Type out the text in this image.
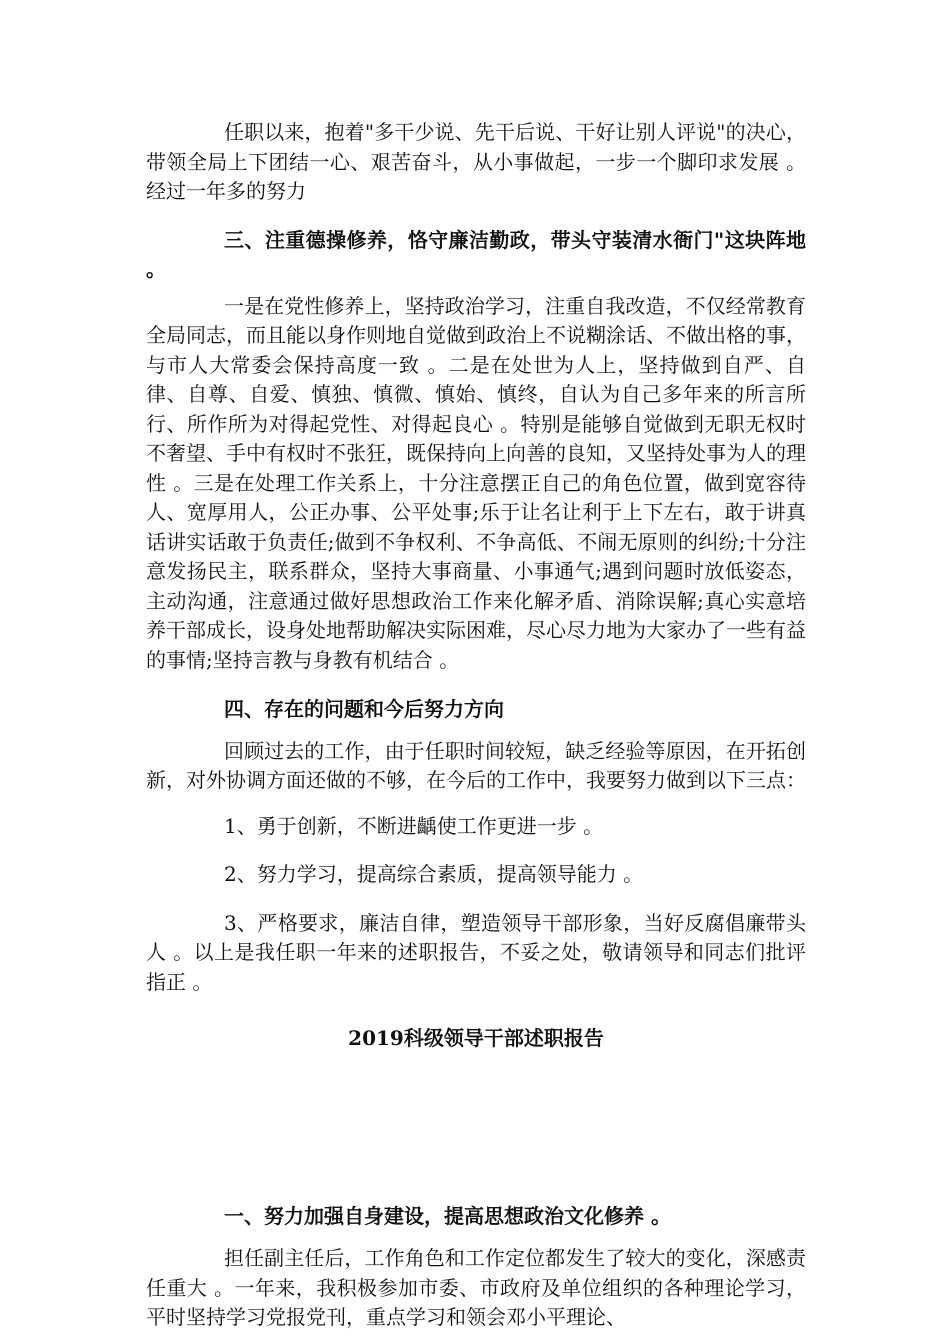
任职以来，抱着"多干少说、先干后说、干好让别人评说"的决心，带领全局上下团结一心、艰苦奋斗，从小事做起，一步一个脚印求发展 。经过一年多的努力

三、注重德操修养，恪守廉洁勤政，带头守装清水衙门"这块阵地 。

一是在党性修养上，坚持政治学习，注重自我改造，不仅经常教育全局同志，而且能以身作则地自觉做到政治上不说糊涂话、不做出格的事，与市人大常委会保持高度一致 。二是在处世为人上，坚持做到自严、自律、自尊、自爱、慎独、慎微、慎始、慎终，自认为自己多年来的所言所行、所作所为对得起党性、对得起良心 。特别是能够自觉做到无职无权时不奢望、手中有权时不张狂，既保持向上向善的良知，又坚持处事为人的理性 。三是在处理工作关系上，十分注意摆正自己的角色位置，做到宽容待人、宽厚用人，公正办事、公平处事;乐于让名让利于上下左右，敢于讲真话讲实话敢于负责任;做到不争权利、不争高低、不闹无原则的纠纷;十分注意发扬民主，联系群众，坚持大事商量、小事通气;遇到问题时放低姿态，主动沟通，注意通过做好思想政治工作来化解矛盾、消除误解;真心实意培养干部成长，设身处地帮助解决实际困难，尽心尽力地为大家办了一些有益的事情;坚持言教与身教有机结合 。

四、存在的问题和今后努力方向

回顾过去的工作，由于任职时间较短，缺乏经验等原因，在开拓创新，对外协调方面还做的不够，在今后的工作中，我要努力做到以下三点：

1、勇于创新，不断进齲使工作更进一步 。

2、努力学习，提高综合素质，提高领导能力 。

3、严格要求，廉洁自律，塑造领导干部形象，当好反腐倡廉带头人 。以上是我任职一年来的述职报告，不妥之处，敬请领导和同志们批评指正 。

2019科级领导干部述职报告

一、努力加强自身建设，提高思想政治文化修养 。

担任副主任后，工作角色和工作定位都发生了较大的变化，深感责任重大 。一年来，我积极参加市委、市政府及单位组织的各种理论学习，平时坚持学习党报党刊，重点学习和领会邓小平理论、
